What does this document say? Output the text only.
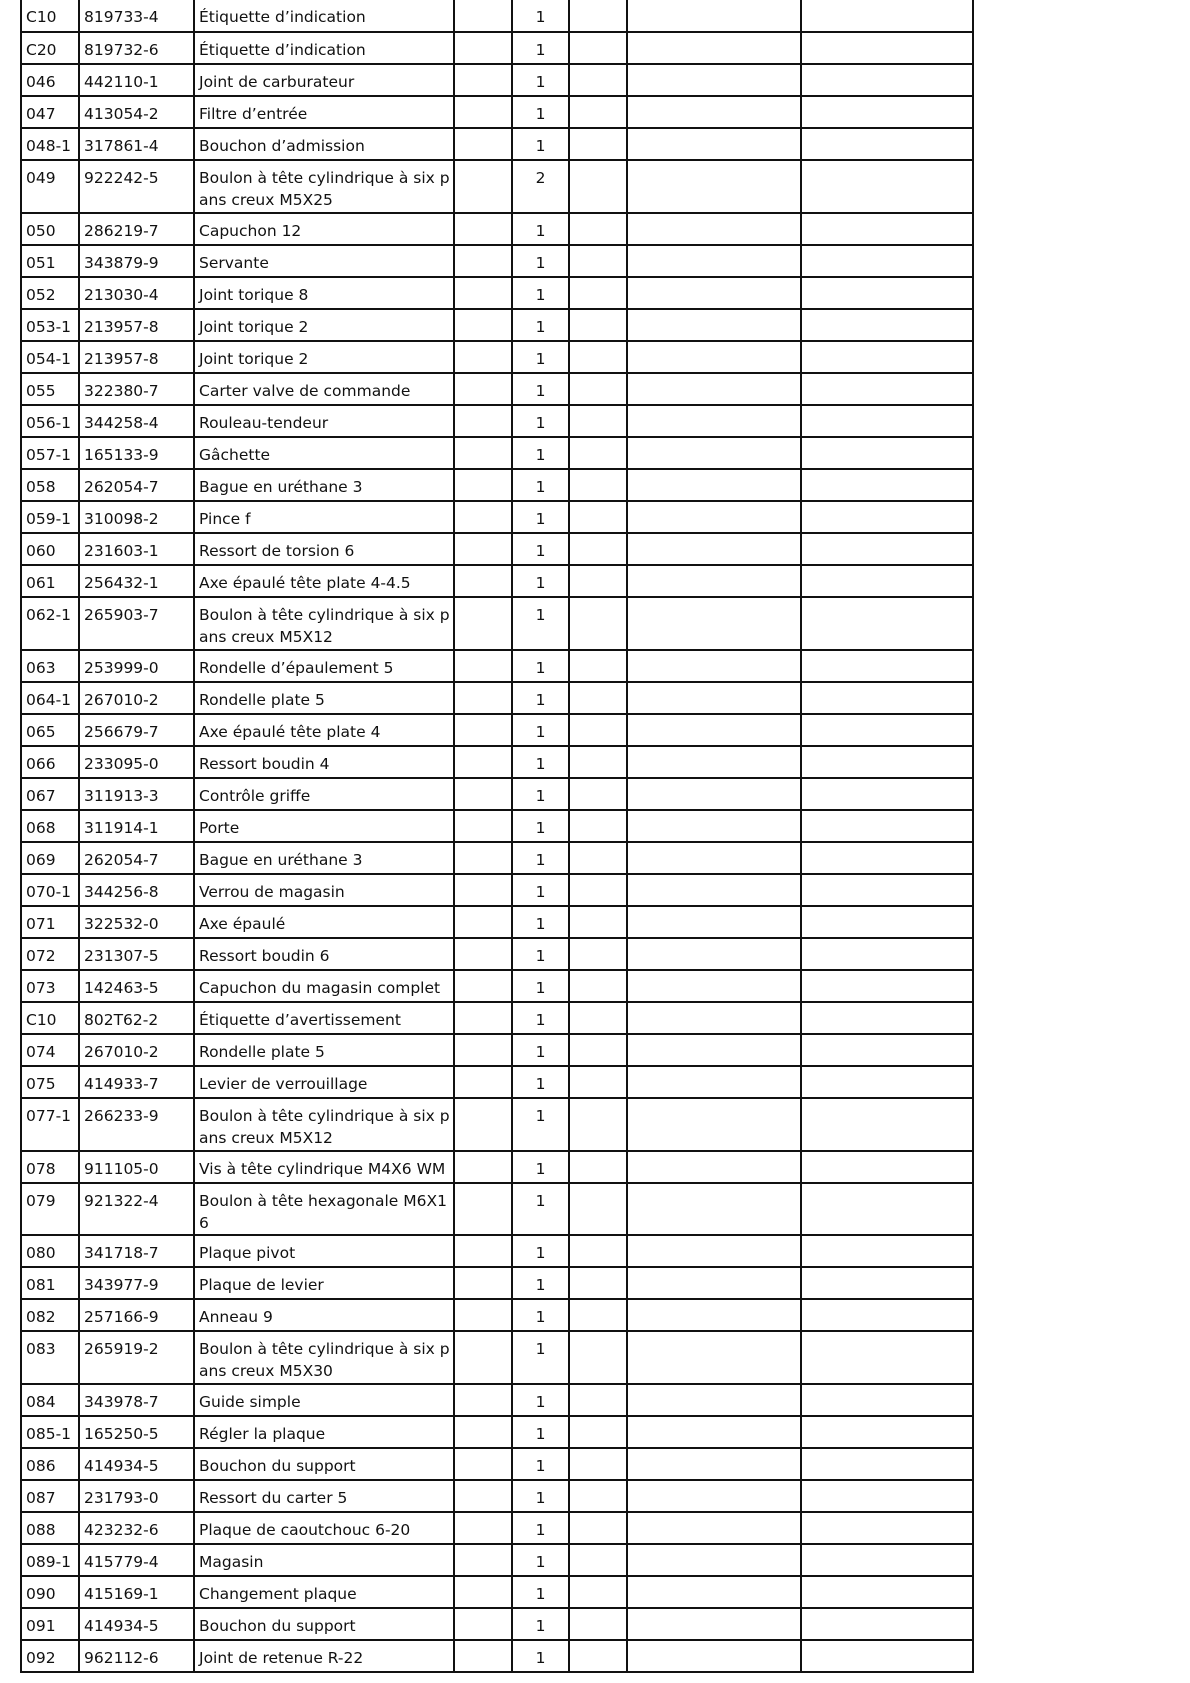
C10	819733-4	Étiquette d’indication		1			
C20	819732-6	Étiquette d’indication		1			
046	442110-1	Joint de carburateur		1			
047	413054-2	Filtre d’entrée		1			
048-1	317861-4	Bouchon d’admission		1			
049	922242-5	Boulon à tête cylindrique à six pans creux M5X25		2			
050	286219-7	Capuchon 12		1			
051	343879-9	Servante		1			
052	213030-4	Joint torique 8		1			
053-1	213957-8	Joint torique 2		1			
054-1	213957-8	Joint torique 2		1			
055	322380-7	Carter valve de commande		1			
056-1	344258-4	Rouleau-tendeur		1			
057-1	165133-9	Gâchette		1			
058	262054-7	Bague en uréthane 3		1			
059-1	310098-2	Pince f		1			
060	231603-1	Ressort de torsion 6		1			
061	256432-1	Axe épaulé tête plate 4-4.5		1			
062-1	265903-7	Boulon à tête cylindrique à six pans creux M5X12		1			
063	253999-0	Rondelle d’épaulement 5		1			
064-1	267010-2	Rondelle plate 5		1			
065	256679-7	Axe épaulé tête plate 4		1			
066	233095-0	Ressort boudin 4		1			
067	311913-3	Contrôle griffe		1			
068	311914-1	Porte		1			
069	262054-7	Bague en uréthane 3		1			
070-1	344256-8	Verrou de magasin		1			
071	322532-0	Axe épaulé		1			
072	231307-5	Ressort boudin 6		1			
073	142463-5	Capuchon du magasin complet		1			
C10	802T62-2	Étiquette d’avertissement		1			
074	267010-2	Rondelle plate 5		1			
075	414933-7	Levier de verrouillage		1			
077-1	266233-9	Boulon à tête cylindrique à six pans creux M5X12		1			
078	911105-0	Vis à tête cylindrique M4X6 WM		1			
079	921322-4	Boulon à tête hexagonale M6X16		1			
080	341718-7	Plaque pivot		1			
081	343977-9	Plaque de levier		1			
082	257166-9	Anneau 9		1			
083	265919-2	Boulon à tête cylindrique à six pans creux M5X30		1			
084	343978-7	Guide simple		1			
085-1	165250-5	Régler la plaque		1			
086	414934-5	Bouchon du support		1			
087	231793-0	Ressort du carter 5		1			
088	423232-6	Plaque de caoutchouc 6-20		1			
089-1	415779-4	Magasin		1			
090	415169-1	Changement plaque		1			
091	414934-5	Bouchon du support		1			
092	962112-6	Joint de retenue R-22		1			
